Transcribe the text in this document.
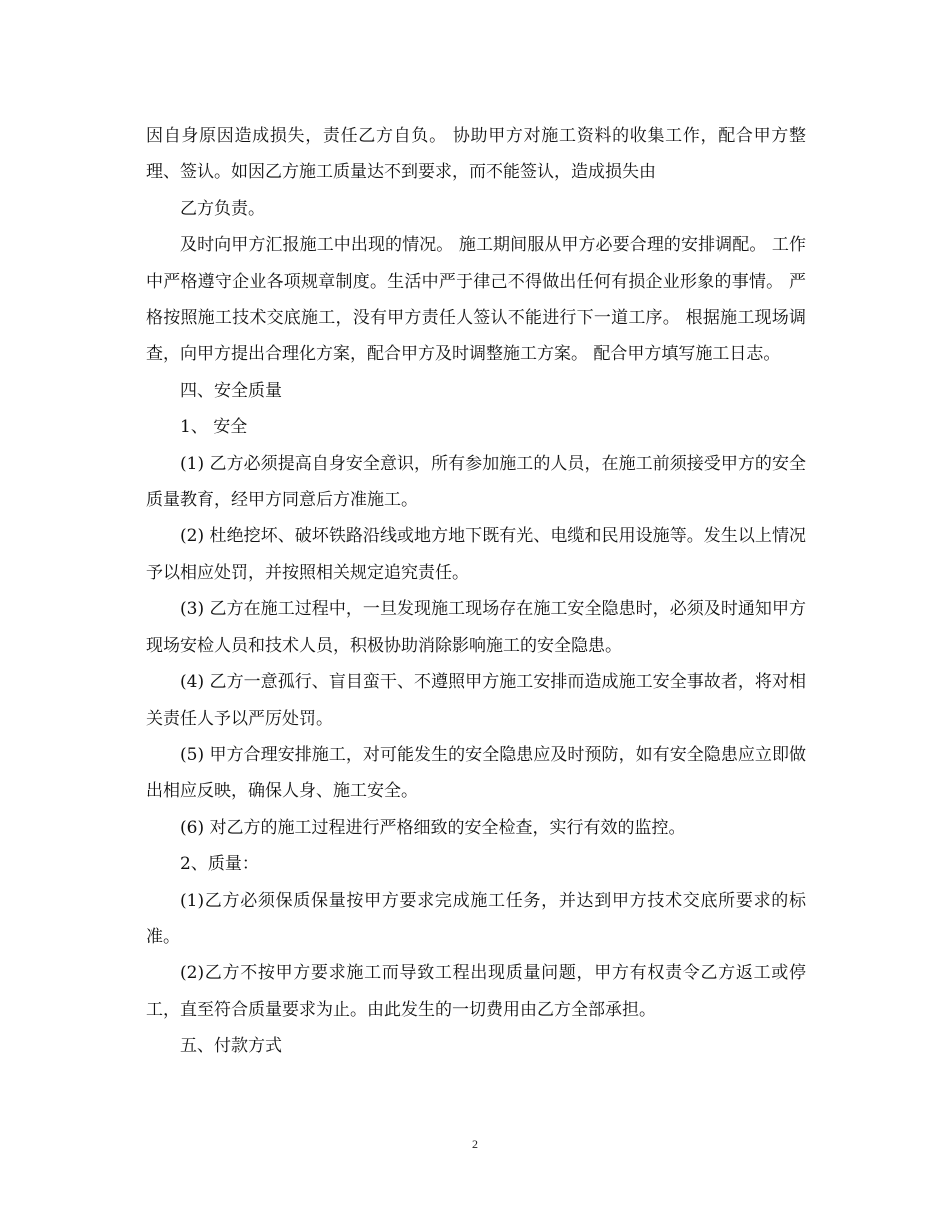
因自身原因造成损失，责任乙方自负。 协助甲方对施工资料的收集工作，配合甲方整理、签认。如因乙方施工质量达不到要求，而不能签认，造成损失由

乙方负责。

及时向甲方汇报施工中出现的情况。 施工期间服从甲方必要合理的安排调配。 工作中严格遵守企业各项规章制度。生活中严于律己不得做出任何有损企业形象的事情。 严格按照施工技术交底施工，没有甲方责任人签认不能进行下一道工序。 根据施工现场调查，向甲方提出合理化方案，配合甲方及时调整施工方案。 配合甲方填写施工日志。

四、安全质量

1、 安全

(1) 乙方必须提高自身安全意识，所有参加施工的人员，在施工前须接受甲方的安全质量教育，经甲方同意后方准施工。

(2) 杜绝挖坏、破坏铁路沿线或地方地下既有光、电缆和民用设施等。发生以上情况予以相应处罚，并按照相关规定追究责任。

(3) 乙方在施工过程中，一旦发现施工现场存在施工安全隐患时，必须及时通知甲方现场安检人员和技术人员，积极协助消除影响施工的安全隐患。

(4) 乙方一意孤行、盲目蛮干、不遵照甲方施工安排而造成施工安全事故者，将对相关责任人予以严厉处罚。

(5) 甲方合理安排施工，对可能发生的安全隐患应及时预防，如有安全隐患应立即做出相应反映，确保人身、施工安全。

(6) 对乙方的施工过程进行严格细致的安全检查，实行有效的监控。

2、质量：

(1)乙方必须保质保量按甲方要求完成施工任务，并达到甲方技术交底所要求的标准。

(2)乙方不按甲方要求施工而导致工程出现质量问题，甲方有权责令乙方返工或停工，直至符合质量要求为止。由此发生的一切费用由乙方全部承担。

五、付款方式

2
